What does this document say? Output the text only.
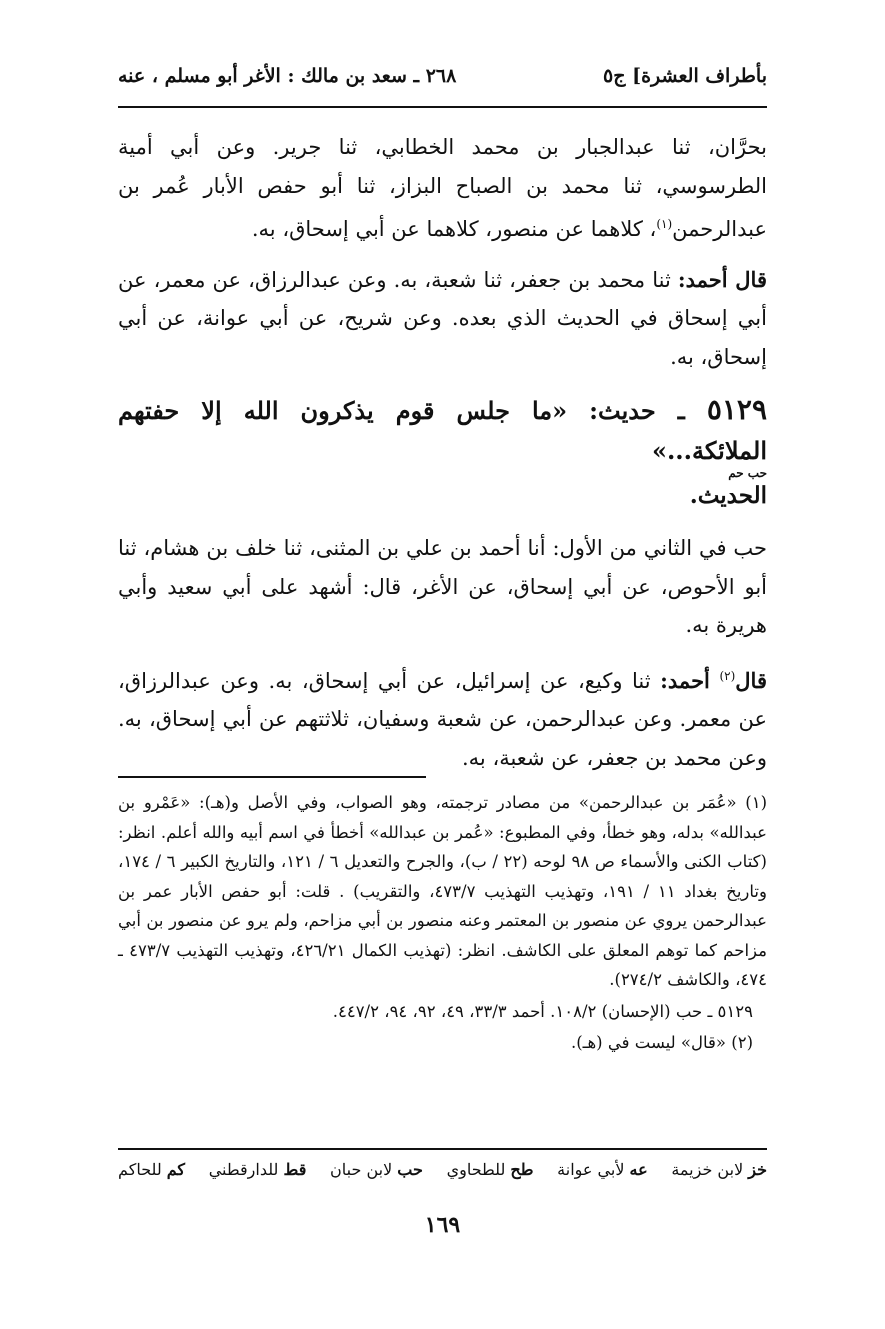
بأطراف العشرة] ج٥
٢٦٨ ـ سعد بن مالك : الأغر أبو مسلم ، عنه

بحرَّان، ثنا عبدالجبار بن محمد الخطابي، ثنا جرير. وعن أبي أمية الطرسوسي، ثنا محمد بن الصباح البزاز، ثنا أبو حفص الأبار عُمر بن عبدالرحمن$^{(١)}$، كلاهما عن منصور، كلاهما عن أبي إسحاق، به.

قال أحمد: ثنا محمد بن جعفر، ثنا شعبة، به. وعن عبدالرزاق، عن معمر، عن أبي إسحاق في الحديث الذي بعده. وعن شريح، عن أبي عوانة، عن أبي إسحاق، به.

٥١٢٩ ـ حديث: «ما جلس قوم يذكرون الله إلا حفتهم الملائكة...»
حب حم
الحديث.

حب في الثاني من الأول: أنا أحمد بن علي بن المثنى، ثنا خلف بن هشام، ثنا أبو الأحوص، عن أبي إسحاق، عن الأغر، قال: أشهد على أبي سعيد وأبي هريرة به.

قال$^{(٢)}$ أحمد: ثنا وكيع، عن إسرائيل، عن أبي إسحاق، به. وعن عبدالرزاق، عن معمر. وعن عبدالرحمن، عن شعبة وسفيان، ثلاثتهم عن أبي إسحاق، به. وعن محمد بن جعفر، عن شعبة، به.

(١) «عُمَر بن عبدالرحمن» من مصادر ترجمته، وهو الصواب، وفي الأصل و(هـ): «عَمْرو بن عبدالله» بدله، وهو خطأ، وفي المطبوع: «عُمر بن عبدالله» أخطأ في اسم أبيه والله أعلم. انظر: (كتاب الكنى والأسماء ص ٩٨ لوحه (٢٢ / ب)، والجرح والتعديل ٦ / ١٢١، والتاريخ الكبير ٦ / ١٧٤، وتاريخ بغداد ١١ / ١٩١، وتهذيب التهذيب ٤٧٣/٧، والتقريب) . قلت: أبو حفص الأبار عمر بن عبدالرحمن يروي عن منصور بن المعتمر وعنه منصور بن أبي مزاحم، ولم يرو عن منصور بن أبي مزاحم كما توهم المعلق على الكاشف. انظر: (تهذيب الكمال ٤٢٦/٢١، وتهذيب التهذيب ٤٧٣/٧ ـ ٤٧٤، والكاشف ٢٧٤/٢).

٥١٢٩ ـ حب (الإحسان) ١٠٨/٢. أحمد ٣٣/٣، ٤٩، ٩٢، ٩٤، ٤٤٧/٢.

(٢) «قال» ليست في (هـ).

خز لابن خزيمة
عه لأبي عوانة
طح للطحاوي
حب لابن حبان
قط للدارقطني
كم للحاكم
١٦٩
